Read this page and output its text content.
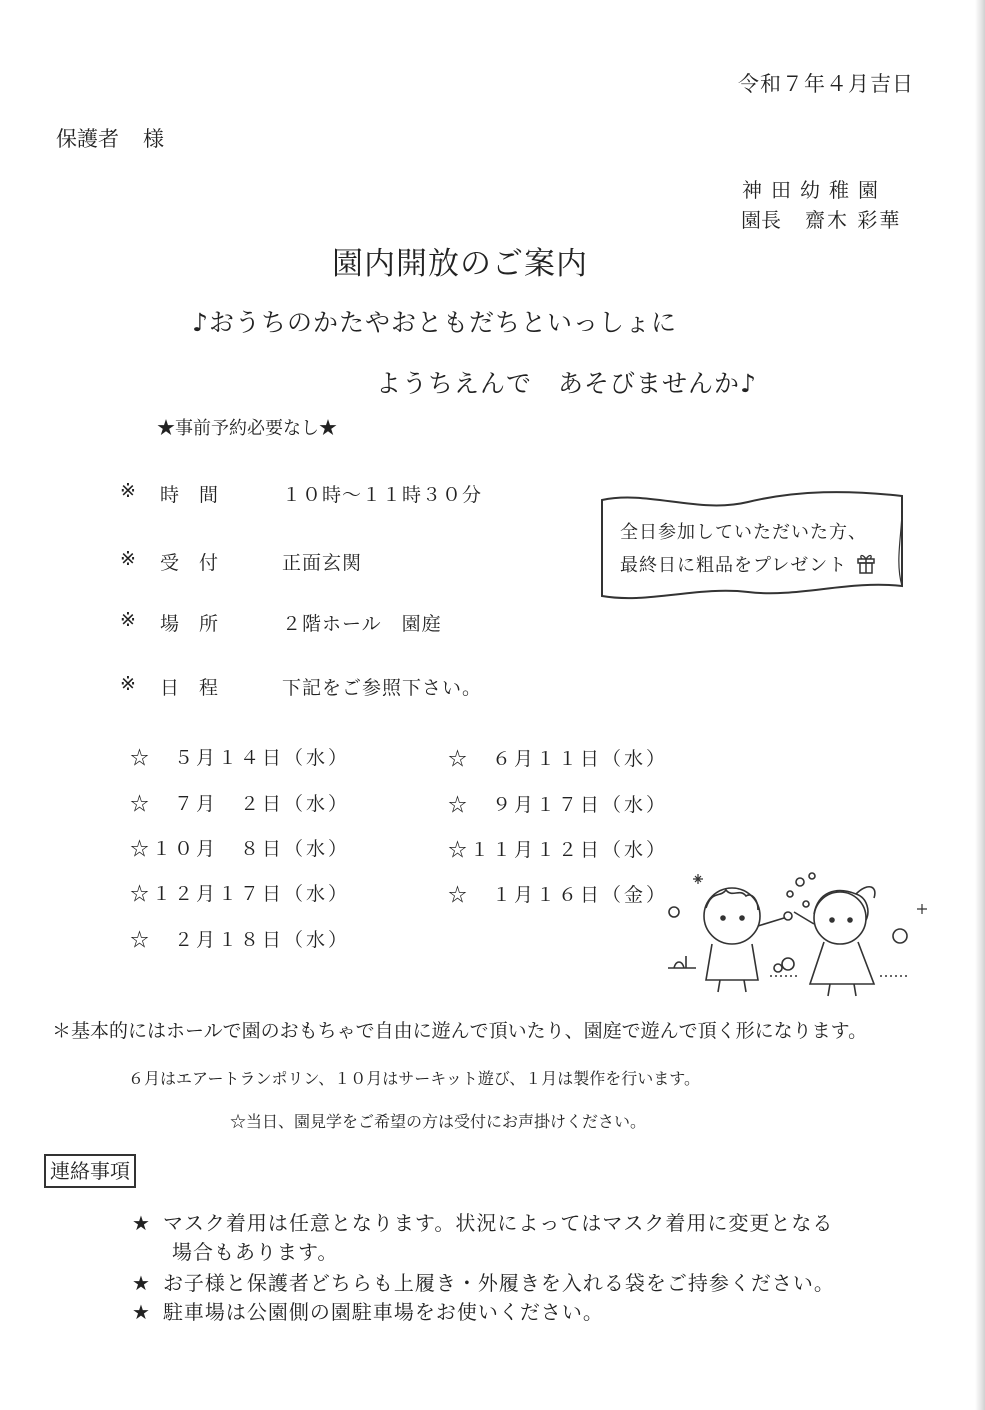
令和７年４月吉日
保護者 様
神田幼稚園
園長 齋木 彩華
園内開放のご案内
♪おうちのかたやおともだちといっしょに
ようちえんで　あそびませんか♪
★事前予約必要なし★
※ 時間 １０時～１１時３０分
※ 受付 正面玄関
※ 場所 ２階ホール　園庭
※ 日程 下記をご参照下さい。
全日参加していただいた方、
最終日に粗品をプレゼント
☆　５月１４日（水）
☆　７月　２日（水）
☆１０月　８日（水）
☆１２月１７日（水）
☆　２月１８日（水）
☆　６月１１日（水）
☆　９月１７日（水）
☆１１月１２日（水）
☆　１月１６日（金）
＊基本的にはホールで園のおもちゃで自由に遊んで頂いたり、園庭で遊んで頂く形になります。
６月はエアートランポリン、１０月はサーキット遊び、１月は製作を行います。
☆当日、園見学をご希望の方は受付にお声掛けください。
連絡事項
★ マスク着用は任意となります。状況によってはマスク着用に変更となる
場合もあります。
★ お子様と保護者どちらも上履き・外履きを入れる袋をご持参ください。
★ 駐車場は公園側の園駐車場をお使いください。
